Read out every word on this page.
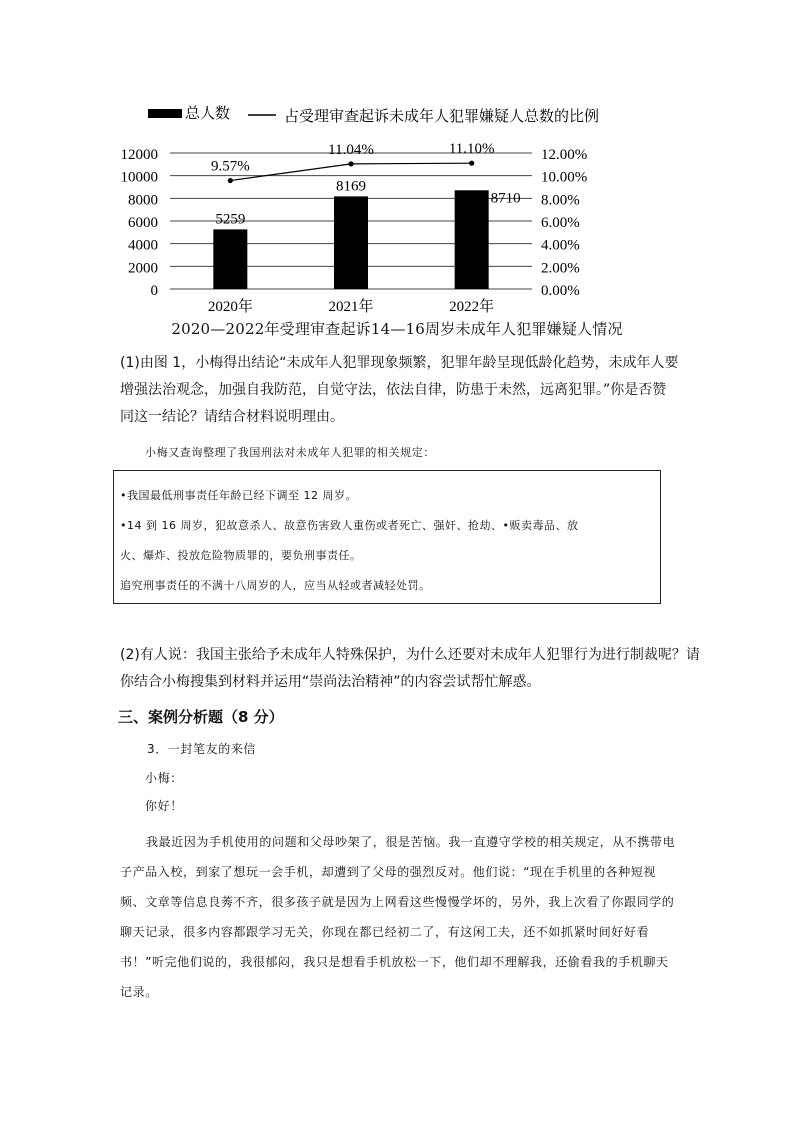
总人数	占受理审查起诉未成年人犯罪嫌疑人总数的比例
0	0.00%
2000	2.00%
4000	4.00%
6000	6.00%
8000	8.00%
10000	10.00%
12000	12.00%
5259
2020年
8169
2021年
8710
2022年
9.57%
11.04%	11.10%
2020—2022年受理审查起诉14—16周岁未成年人犯罪嫌疑人情况
(1)由图 1，小梅得出结论“未成年人犯罪现象频繁，犯罪年龄呈现低龄化趋势，未成年人要增强法治观念，加强自我防范，自觉守法，依法自律，防患于未然，远离犯罪。”你是否赞同这一结论？请结合材料说明理由。
小梅又查询整理了我国刑法对未成年人犯罪的相关规定：

•我国最低刑事责任年龄已经下调至 12 周岁。

•14 到 16 周岁，犯故意杀人、故意伤害致人重伤或者死亡、强奸、抢劫、•贩卖毒品、放

火、爆炸、投放危险物质罪的，要负刑事责任。

追究刑事责任的不满十八周岁的人，应当从轻或者减轻处罚。

(2)有人说：我国主张给予未成年人特殊保护，为什么还要对未成年人犯罪行为进行制裁呢？请你结合小梅搜集到材料并运用“崇尚法治精神”的内容尝试帮忙解惑。
三、案例分析题（8 分）
3．一封笔友的来信
小梅：
你好！
我最近因为手机使用的问题和父母吵架了，很是苦恼。我一直遵守学校的相关规定，从不携带电子产品入校，到家了想玩一会手机，却遭到了父母的强烈反对。他们说：“现在手机里的各种短视频、文章等信息良莠不齐，很多孩子就是因为上网看这些慢慢学坏的，另外，我上次看了你跟同学的聊天记录，很多内容都跟学习无关，你现在都已经初二了，有这闲工夫，还不如抓紧时间好好看书！”听完他们说的，我很郁闷，我只是想看手机放松一下，他们却不理解我，还偷看我的手机聊天记录。
